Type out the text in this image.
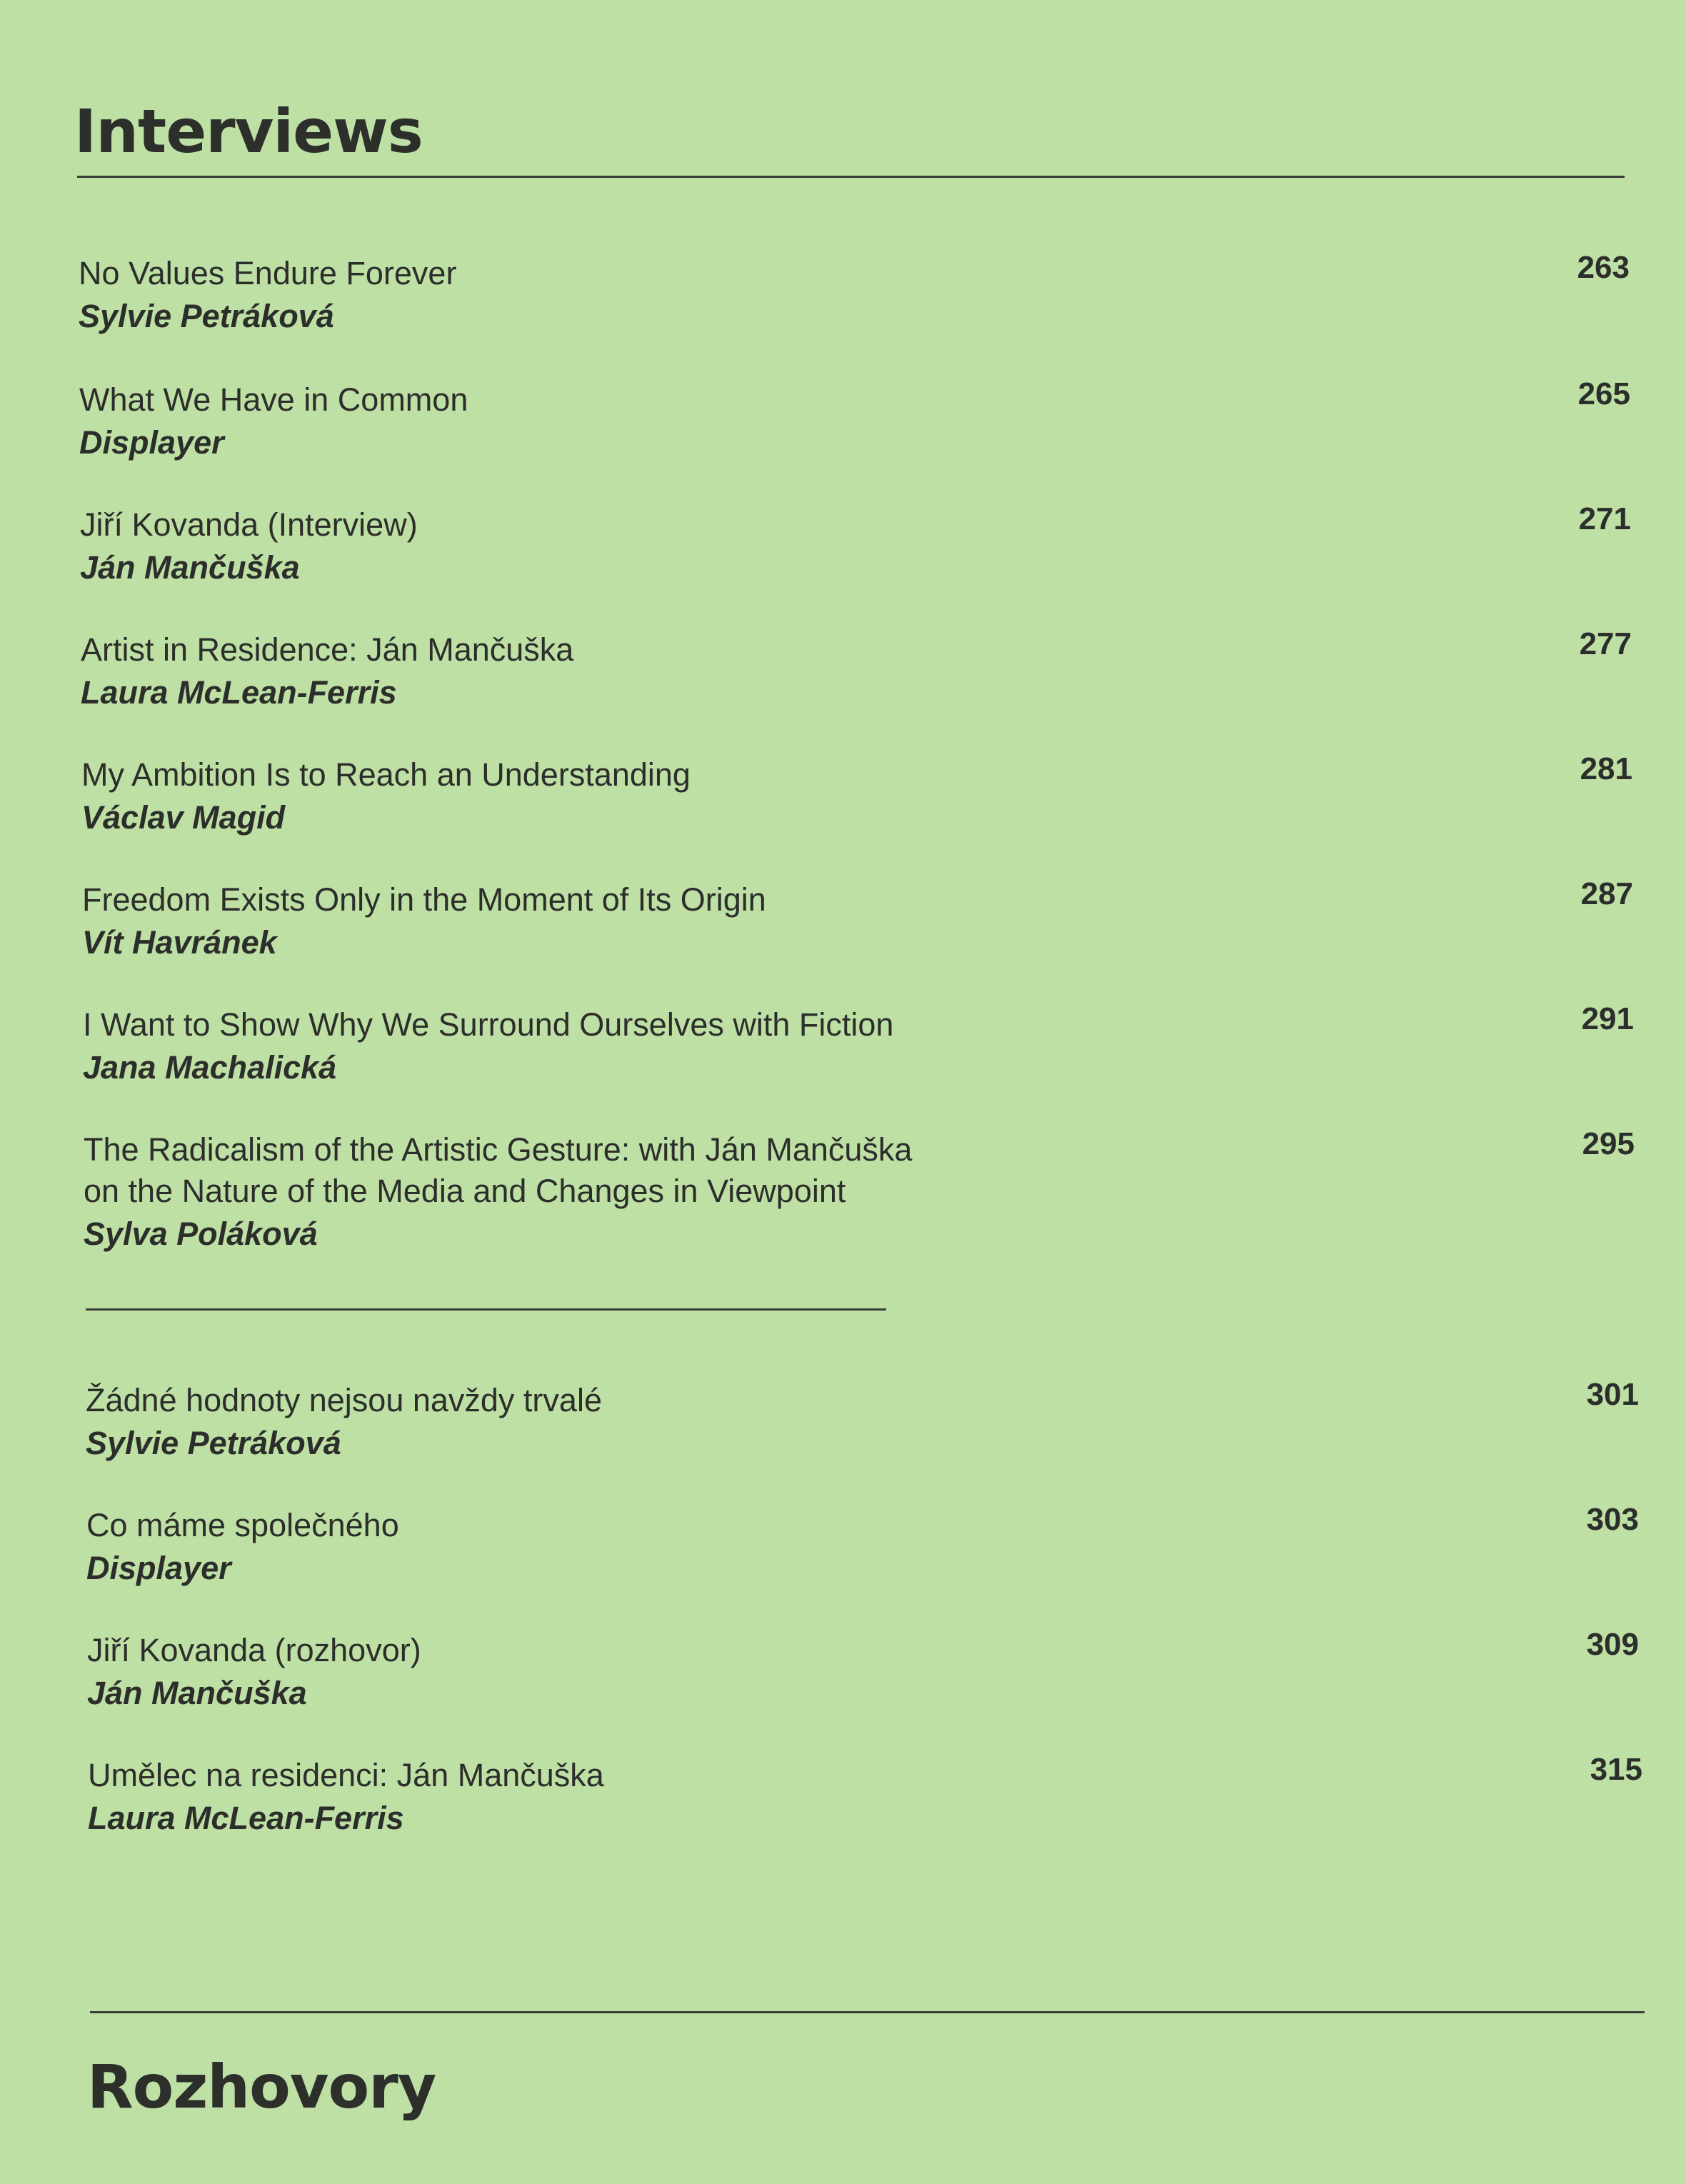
Interviews
No Values Endure Forever
Sylvie Petráková
263
What We Have in Common
Displayer
265
Jiří Kovanda (Interview)
Ján Mančuška
271
Artist in Residence: Ján Mančuška
Laura McLean-Ferris
277
My Ambition Is to Reach an Understanding
Václav Magid
281
Freedom Exists Only in the Moment of Its Origin
Vít Havránek
287
I Want to Show Why We Surround Ourselves with Fiction
Jana Machalická
291
The Radicalism of the Artistic Gesture: with Ján Mančuška
on the Nature of the Media and Changes in Viewpoint
Sylva Poláková
295
Žádné hodnoty nejsou navždy trvalé
Sylvie Petráková
301
Co máme společného
Displayer
303
Jiří Kovanda (rozhovor)
Ján Mančuška
309
Umělec na residenci: Ján Mančuška
Laura McLean-Ferris
315
Rozhovory
